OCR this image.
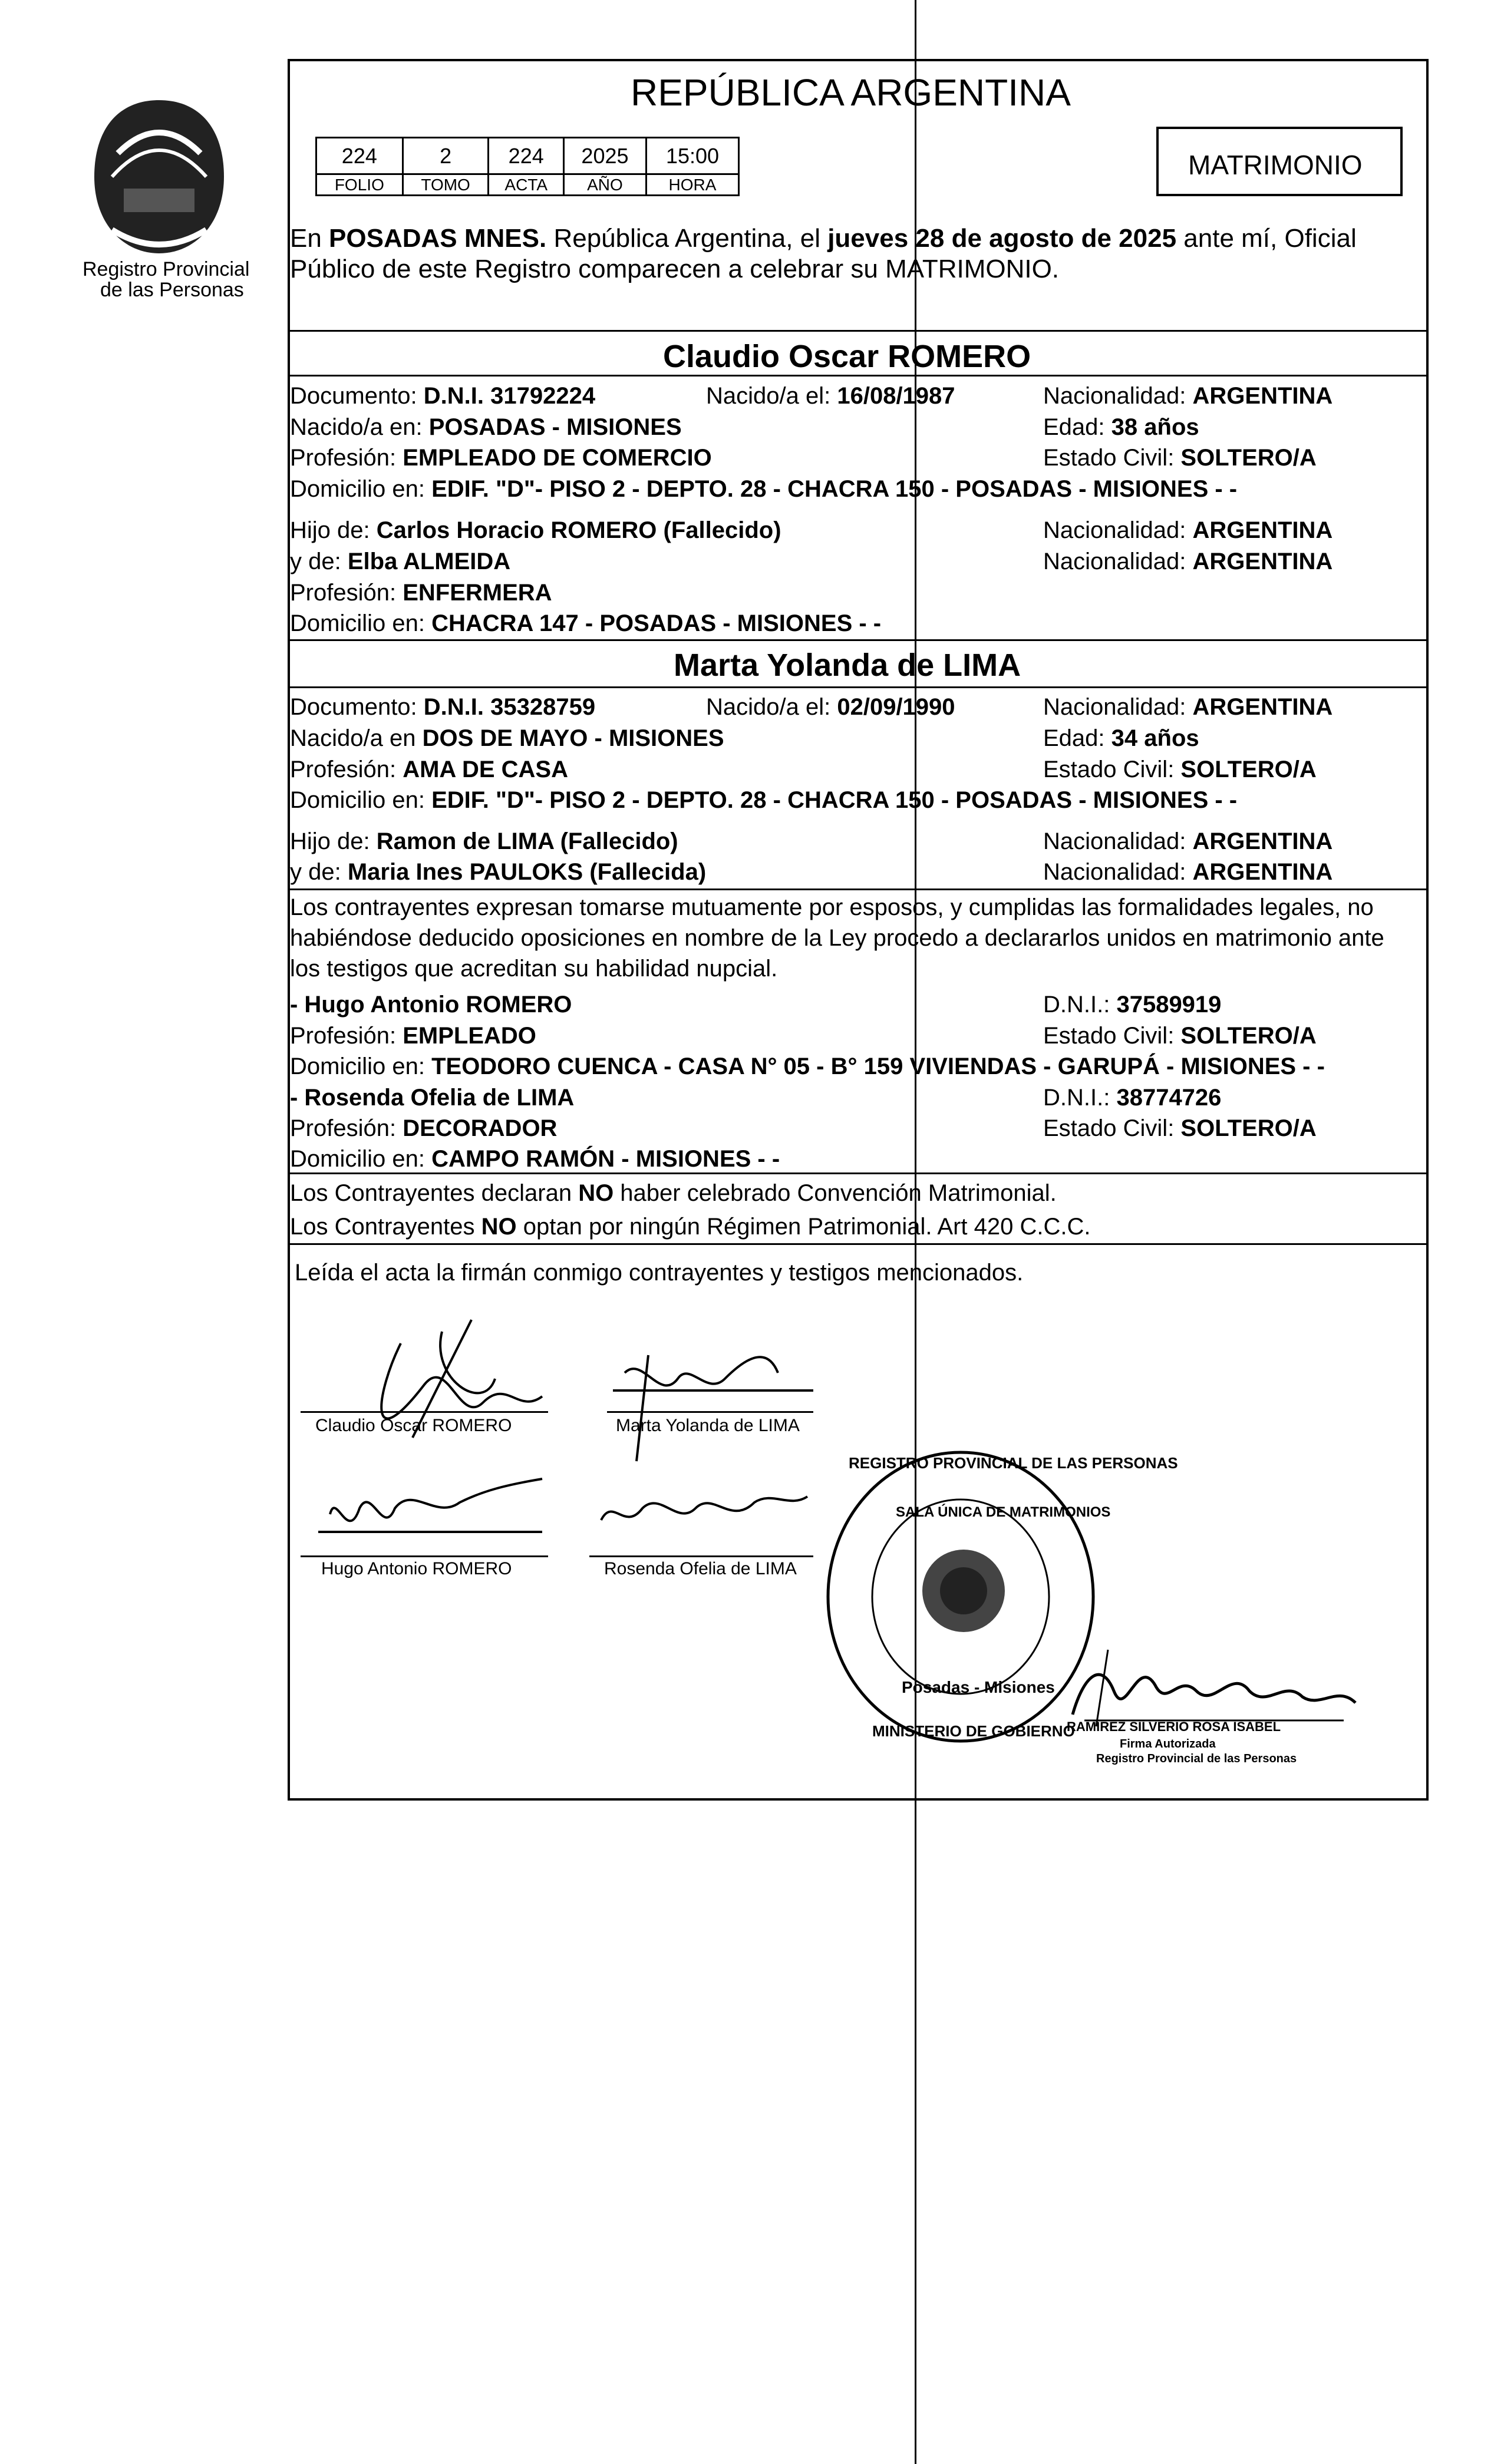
Registro Provincial
de las Personas
REPÚBLICA ARGENTINA
224	2	224	2025	15:00
FOLIO	TOMO	ACTA	AÑO	HORA
MATRIMONIO
En POSADAS MNES. República Argentina, el jueves 28 de agosto de 2025 ante mí, Oficial
Público de este Registro comparecen a celebrar su MATRIMONIO.
Claudio Oscar ROMERO
Documento: D.N.I. 31792224	Nacido/a el: 16/08/1987	Nacionalidad: ARGENTINA
Nacido/a en: POSADAS - MISIONES	Edad: 38 años
Profesión: EMPLEADO DE COMERCIO	Estado Civil: SOLTERO/A
Domicilio en: EDIF. "D"- PISO 2 - DEPTO. 28 - CHACRA 150 - POSADAS - MISIONES - -
Hijo de: Carlos Horacio ROMERO (Fallecido)	Nacionalidad: ARGENTINA
y de: Elba ALMEIDA	Nacionalidad: ARGENTINA
Profesión: ENFERMERA
Domicilio en: CHACRA 147 - POSADAS - MISIONES - -
Marta Yolanda de LIMA
Documento: D.N.I. 35328759	Nacido/a el: 02/09/1990	Nacionalidad: ARGENTINA
Nacido/a en DOS DE MAYO - MISIONES	Edad: 34 años
Profesión: AMA DE CASA	Estado Civil: SOLTERO/A
Domicilio en: EDIF. "D"- PISO 2 - DEPTO. 28 - CHACRA 150 - POSADAS - MISIONES - -
Hijo de: Ramon de LIMA (Fallecido)	Nacionalidad: ARGENTINA
y de: Maria Ines PAULOKS (Fallecida)	Nacionalidad: ARGENTINA
Los contrayentes expresan tomarse mutuamente por esposos, y cumplidas las formalidades legales, no
habiéndose deducido oposiciones en nombre de la Ley procedo a declararlos unidos en matrimonio ante
los testigos que acreditan su habilidad nupcial.
- Hugo Antonio ROMERO	D.N.I.: 37589919
Profesión: EMPLEADO	Estado Civil: SOLTERO/A
Domicilio en: TEODORO CUENCA - CASA N° 05 - B° 159 VIVIENDAS - GARUPÁ - MISIONES - -
- Rosenda Ofelia de LIMA	D.N.I.: 38774726
Profesión: DECORADOR	Estado Civil: SOLTERO/A
Domicilio en: CAMPO RAMÓN - MISIONES - -
Los Contrayentes declaran NO haber celebrado Convención Matrimonial.
Los Contrayentes NO optan por ningún Régimen Patrimonial. Art 420 C.C.C.
Leída el acta la firmán conmigo contrayentes y testigos mencionados.
Claudio Oscar ROMERO	Marta Yolanda de LIMA
Hugo Antonio ROMERO	Rosenda Ofelia de LIMA
REGISTRO PROVINCIAL DE LAS PERSONAS
SALA ÚNICA DE MATRIMONIOS
Posadas - Misiones
MINISTERIO DE GOBIERNO
RAMIREZ SILVERIO ROSA ISABEL
Firma Autorizada
Registro Provincial de las Personas
